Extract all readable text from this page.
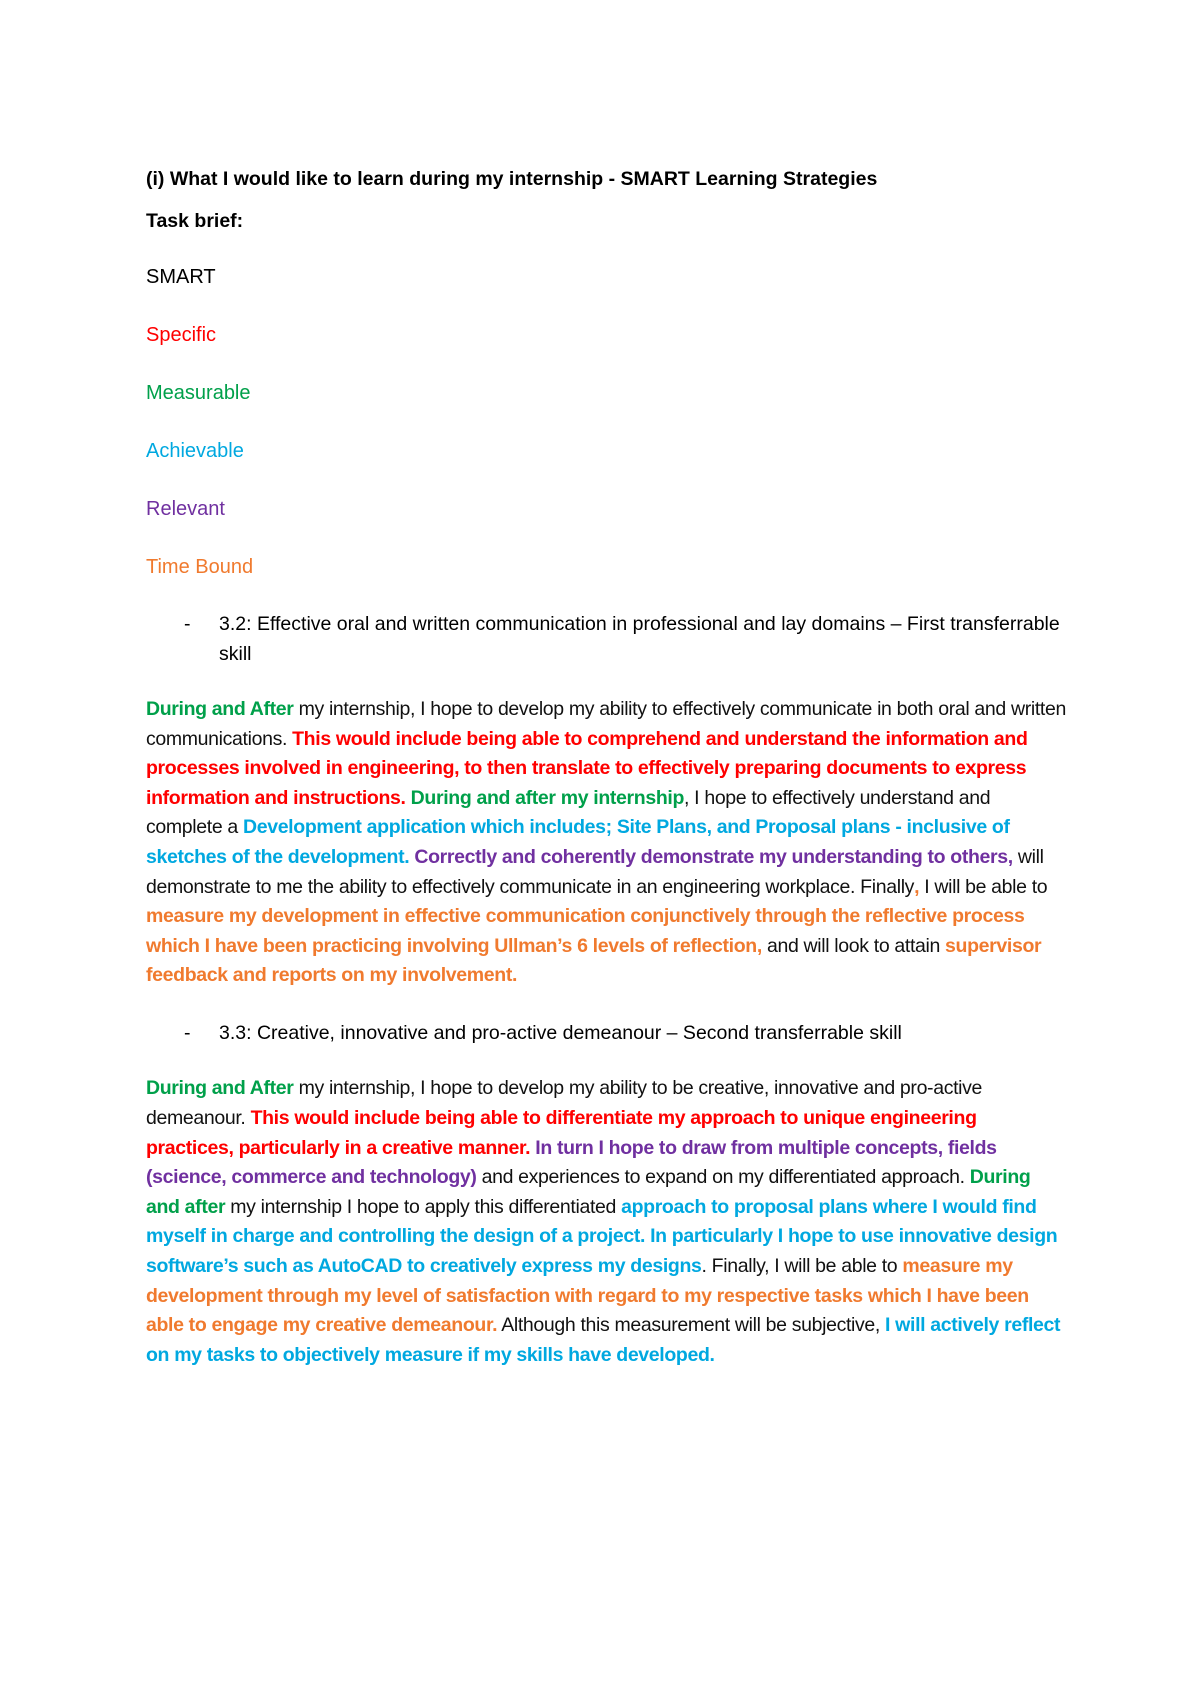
(i) What I would like to learn during my internship - SMART Learning Strategies
Task brief:
SMART
Specific
Measurable
Achievable
Relevant
Time Bound
- 3.2: Effective oral and written communication in professional and lay domains – First transferrable skill
During and After my internship, I hope to develop my ability to effectively communicate in both oral and written communications. This would include being able to comprehend and understand the information and processes involved in engineering, to then translate to effectively preparing documents to express information and instructions. During and after my internship, I hope to effectively understand and complete a Development application which includes; Site Plans, and Proposal plans - inclusive of sketches of the development. Correctly and coherently demonstrate my understanding to others, will demonstrate to me the ability to effectively communicate in an engineering workplace. Finally, I will be able to measure my development in effective communication conjunctively through the reflective process which I have been practicing involving Ullman’s 6 levels of reflection, and will look to attain supervisor feedback and reports on my involvement.
- 3.3: Creative, innovative and pro-active demeanour – Second transferrable skill
During and After my internship, I hope to develop my ability to be creative, innovative and pro-active demeanour. This would include being able to differentiate my approach to unique engineering practices, particularly in a creative manner. In turn I hope to draw from multiple concepts, fields (science, commerce and technology) and experiences to expand on my differentiated approach. During and after my internship I hope to apply this differentiated approach to proposal plans where I would find myself in charge and controlling the design of a project. In particularly I hope to use innovative design software’s such as AutoCAD to creatively express my designs. Finally, I will be able to measure my development through my level of satisfaction with regard to my respective tasks which I have been able to engage my creative demeanour. Although this measurement will be subjective, I will actively reflect on my tasks to objectively measure if my skills have developed.
